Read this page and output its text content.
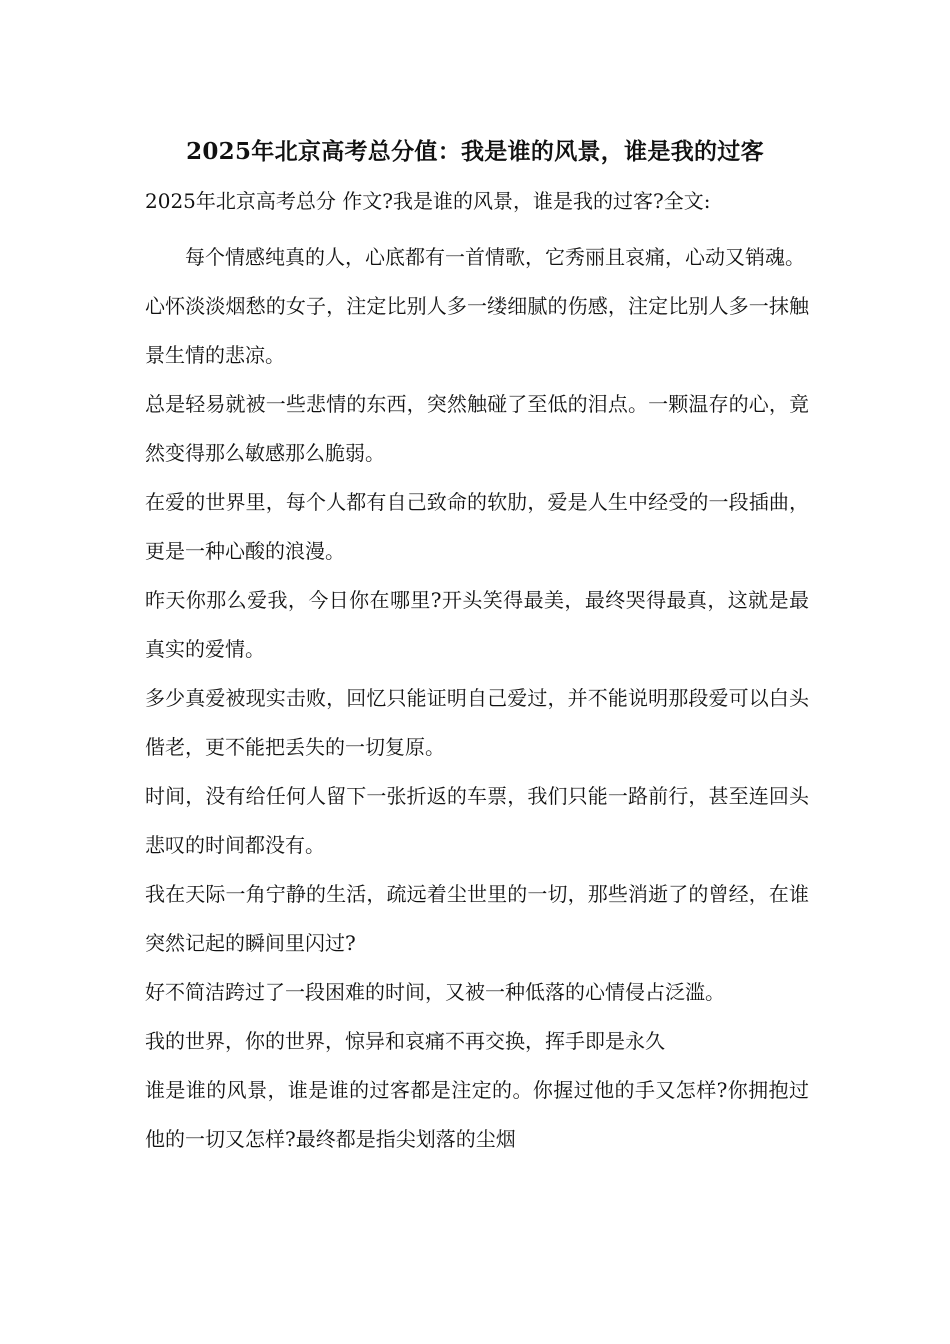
2025年北京高考总分值：我是谁的风景，谁是我的过客
2025年北京高考总分 作文?我是谁的风景，谁是我的过客?全文:

每个情感纯真的人，心底都有一首情歌，它秀丽且哀痛，心动又销魂。

心怀淡淡烟愁的女子，注定比别人多一缕细腻的伤感，注定比别人多一抹触景生情的悲凉。

总是轻易就被一些悲情的东西，突然触碰了至低的泪点。一颗温存的心，竟然变得那么敏感那么脆弱。

在爱的世界里，每个人都有自己致命的软肋，爱是人生中经受的一段插曲，更是一种心酸的浪漫。

昨天你那么爱我，今日你在哪里?开头笑得最美，最终哭得最真，这就是最真实的爱情。

多少真爱被现实击败，回忆只能证明自己爱过，并不能说明那段爱可以白头偕老，更不能把丢失的一切复原。

时间，没有给任何人留下一张折返的车票，我们只能一路前行，甚至连回头悲叹的时间都没有。

我在天际一角宁静的生活，疏远着尘世里的一切，那些消逝了的曾经，在谁突然记起的瞬间里闪过?

好不简洁跨过了一段困难的时间，又被一种低落的心情侵占泛滥。

我的世界，你的世界，惊异和哀痛不再交换，挥手即是永久

谁是谁的风景，谁是谁的过客都是注定的。你握过他的手又怎样?你拥抱过他的一切又怎样?最终都是指尖划落的尘烟
